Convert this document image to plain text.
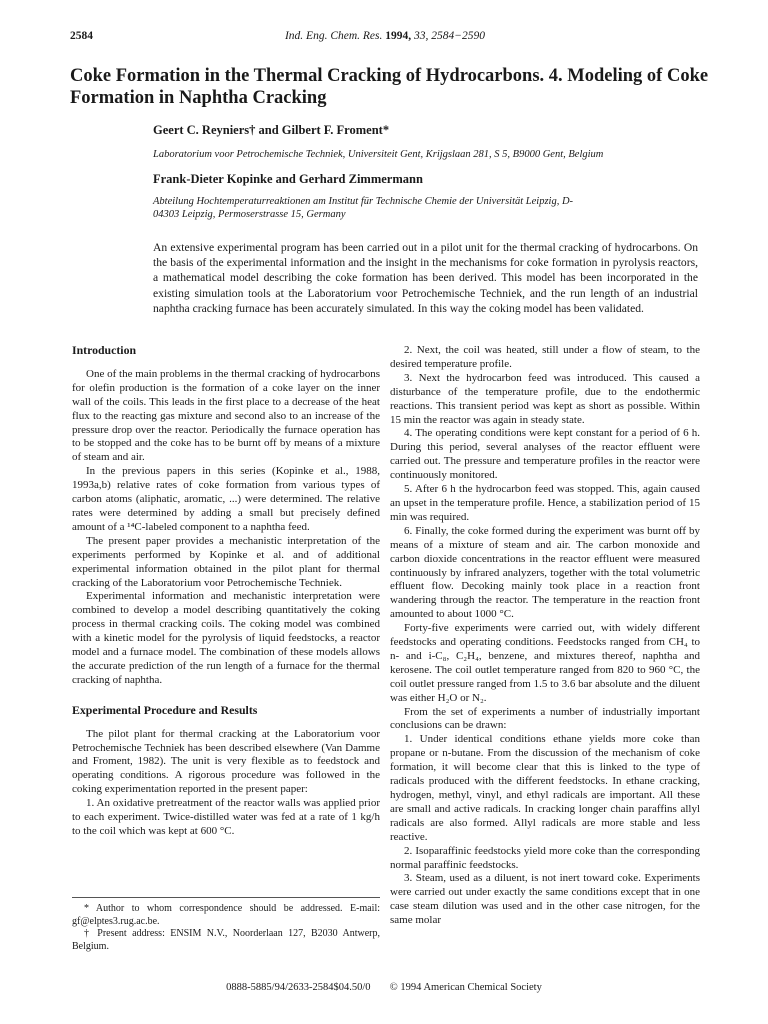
2584	Ind. Eng. Chem. Res. 1994, 33, 2584−2590
Coke Formation in the Thermal Cracking of Hydrocarbons. 4. Modeling of Coke Formation in Naphtha Cracking
Geert C. Reyniers† and Gilbert F. Froment*
Laboratorium voor Petrochemische Techniek, Universiteit Gent, Krijgslaan 281, S 5, B9000 Gent, Belgium
Frank-Dieter Kopinke and Gerhard Zimmermann
Abteilung Hochtemperaturreaktionen am Institut für Technische Chemie der Universität Leipzig, D-04303 Leipzig, Permoserstrasse 15, Germany

An extensive experimental program has been carried out in a pilot unit for the thermal cracking of hydrocarbons. On the basis of the experimental information and the insight in the mechanisms for coke formation in pyrolysis reactors, a mathematical model describing the coke formation has been derived. This model has been incorporated in the existing simulation tools at the Laboratorium voor Petrochemische Techniek, and the run length of an industrial naphtha cracking furnace has been accurately simulated. In this way the coking model has been validated.

Introduction

One of the main problems in the thermal cracking of hydrocarbons for olefin production is the formation of a coke layer on the inner wall of the coils. This leads in the first place to a decrease of the heat flux to the reacting gas mixture and second also to an increase of the pressure drop over the reactor. Periodically the furnace operation has to be stopped and the coke has to be burnt off by means of a mixture of steam and air.

In the previous papers in this series (Kopinke et al., 1988, 1993a,b) relative rates of coke formation from various types of carbon atoms (aliphatic, aromatic, ...) were determined. The relative rates were determined by adding a small but precisely defined amount of a ¹⁴C-labeled component to a naphtha feed.

The present paper provides a mechanistic interpretation of the experiments performed by Kopinke et al. and of additional experimental information obtained in the pilot plant for thermal cracking of the Laboratorium voor Petrochemische Techniek.

Experimental information and mechanistic interpretation were combined to develop a model describing quantitatively the coking process in thermal cracking coils. The coking model was combined with a kinetic model for the pyrolysis of liquid feedstocks, a reactor model and a furnace model. The combination of these models allows the accurate prediction of the run length of a furnace for the thermal cracking of naphtha.

Experimental Procedure and Results

The pilot plant for thermal cracking at the Laboratorium voor Petrochemische Techniek has been described elsewhere (Van Damme and Froment, 1982). The unit is very flexible as to feedstock and operating conditions. A rigorous procedure was followed in the coking experimentation reported in the present paper:

1. An oxidative pretreatment of the reactor walls was applied prior to each experiment. Twice-distilled water was fed at a rate of 1 kg/h to the coil which was kept at 600 °C.

2. Next, the coil was heated, still under a flow of steam, to the desired temperature profile.

3. Next the hydrocarbon feed was introduced. This caused a disturbance of the temperature profile, due to the endothermic reactions. This transient period was kept as short as possible. Within 15 min the reactor was again in steady state.

4. The operating conditions were kept constant for a period of 6 h. During this period, several analyses of the reactor effluent were carried out. The pressure and temperature profiles in the reactor were continuously monitored.

5. After 6 h the hydrocarbon feed was stopped. This, again caused an upset in the temperature profile. Hence, a stabilization period of 15 min was required.

6. Finally, the coke formed during the experiment was burnt off by means of a mixture of steam and air. The carbon monoxide and carbon dioxide concentrations in the reactor effluent were measured continuously by infrared analyzers, together with the total volumetric effluent flow. Decoking mainly took place in a reaction front wandering through the reactor. The temperature in the reaction front amounted to about 1000 °C.

Forty-five experiments were carried out, with widely different feedstocks and operating conditions. Feedstocks ranged from CH₄ to n- and i-C₈, C₂H₄, benzene, and mixtures thereof, naphtha and kerosene. The coil outlet temperature ranged from 820 to 960 °C, the coil outlet pressure ranged from 1.5 to 3.6 bar absolute and the diluent was either H₂O or N₂.

From the set of experiments a number of industrially important conclusions can be drawn:

1. Under identical conditions ethane yields more coke than propane or n-butane. From the discussion of the mechanism of coke formation, it will become clear that this is linked to the type of radicals produced with the different feedstocks. In ethane cracking, hydrogen, methyl, vinyl, and ethyl radicals are important. All these are small and active radicals. In cracking longer chain paraffins allyl radicals are also formed. Allyl radicals are more stable and less reactive.

2. Isoparaffinic feedstocks yield more coke than the corresponding normal paraffinic feedstocks.

3. Steam, used as a diluent, is not inert toward coke. Experiments were carried out under exactly the same conditions except that in one case steam dilution was used and in the other case nitrogen, for the same molar

* Author to whom correspondence should be addressed. E-mail: gf@elptes3.rug.ac.be.

† Present address: ENSIM N.V., Noorderlaan 127, B2030 Antwerp, Belgium.

0888-5885/94/2633-2584$04.50/0 © 1994 American Chemical Society
